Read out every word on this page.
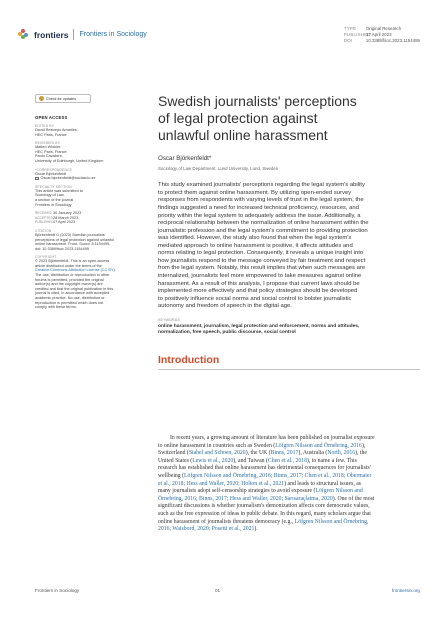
frontiers Frontiers in Sociology
TYPE Original Research
PUBLISHED17 April 2023
DOI	10.3389/fsoc.2023.1154495
Check for updates
OPEN ACCESS
EDITED BY
David Restrepo Amariles,
HEC Paris, France
REVIEWED BY
Matteo Winkler,
HEC Paris, France
Paolo Cavaliere,
University of Edinburgh, United Kingdom
*CORRESPONDENCE
Oscar Björkenfeldt
Oscar.bjorkenfeldt@soclaw.lu.se
SPECIALTY SECTION
This article was submitted to
Sociology of Law,
a section of the journal
Frontiers in Sociology
RECEIVED30 January 2023
ACCEPTED28 March 2023
PUBLISHED17 April 2023
CITATION
Björkenfeldt O (2023) Swedish journalists'
perceptions of legal protection against unlawful
online harassment. Front. Sociol. 8:1154495.
doi: 10.3389/fsoc.2023.1154495
COPYRIGHT
© 2023 Björkenfeldt. This is an open-access
article distributed under the terms of the
Creative Commons Attribution License (CC BY).
The use, distribution or reproduction in other
forums is permitted, provided the original
author(s) and the copyright owner(s) are
credited and that the original publication in this
journal is cited, in accordance with accepted
academic practice. No use, distribution or
reproduction is permitted which does not
comply with these terms.
Swedish journalists' perceptions
of legal protection against
unlawful online harassment
Oscar Björkenfeldt*
Sociology of Law Department, Lund University, Lund, Sweden
This study examined journalists' perceptions regarding the legal system's ability
to protect them against online harassment. By utilizing open-ended survey
responses from respondents with varying levels of trust in the legal system, the
findings suggested a need for increased technical proficiency, resources, and
priority within the legal system to adequately address the issue. Additionally, a
reciprocal relationship between the normalization of online harassment within the
journalistic profession and the legal system's commitment to providing protection
was identified. However, the study also found that when the legal system's
mediated approach to online harassment is positive, it affects attitudes and
norms relating to legal protection. Consequently, it reveals a unique insight into
how journalists respond to the message conveyed by fair treatment and respect
from the legal system. Notably, this result implies that when such messages are
internalized, journalists feel more empowered to take measures against online
harassment. As a result of this analysis, I propose that current laws should be
implemented more effectively and that policy strategies should be developed
to positively influence social norms and social control to bolster journalistic
autonomy and freedom of speech in the digital age.
KEYWORDS
online harassment, journalism, legal protection and enforcement, norms and attitudes,
normalization, free speech, public discourse, social control
Introduction
In recent years, a growing amount of literature has been published on journalist exposure
to online harassment in countries such as Sweden (Löfgren Nilsson and Örnebring, 2016),
Switzerland (Stahel and Schoen, 2020), the UK (Binns, 2017), Australia (North, 2016), the
United States (Lewis et al., 2020), and Taiwan (Chen et al., 2018), to name a few. This
research has established that online harassment has detrimental consequences for journalists'
wellbeing (Löfgren Nilsson and Örnebring, 2016; Binns, 2017; Chen et al., 2018; Obermaier
et al., 2018; Hess and Waller, 2020; Holton et al., 2021) and leads to structural issues, as
many journalists adopt self-censorship strategies to avoid exposure (Löfgren Nilsson and
Örnebring, 2016; Binns, 2017; Hess and Waller, 2020; Sarısaraçlatma, 2020). One of the most
significant discussions is whether journalism's demonization affects core democratic values,
such as the free expression of ideas in public debate. In this regard, many scholars argue that
online harassment of journalists threatens democracy (e.g., Löfgren Nilsson and Örnebring,
2016; Waisbord, 2020; Posetti et al., 2021).
Frontiers in Sociology	01	frontiersin.org
